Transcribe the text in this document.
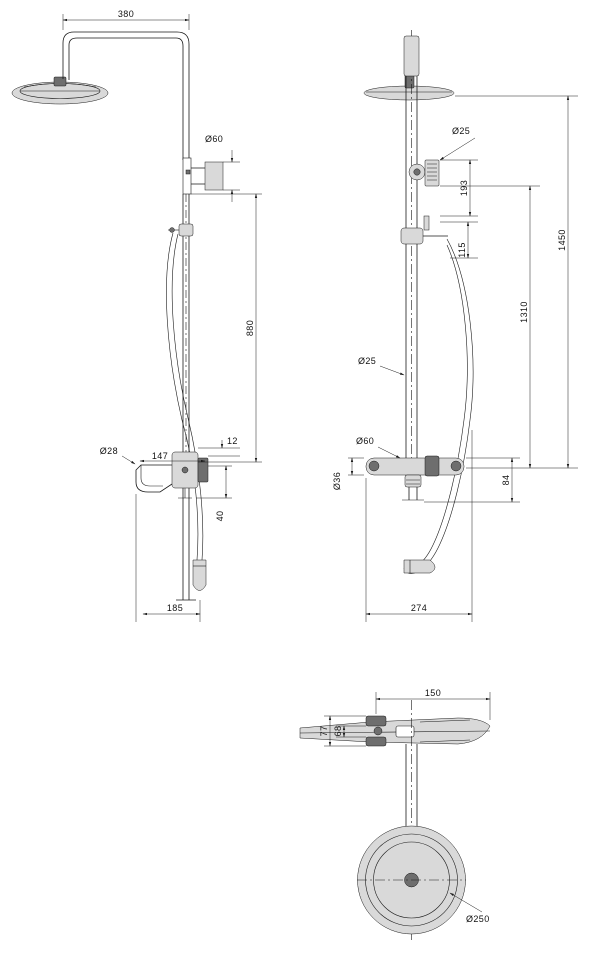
380
Ø60
880
12
Ø28	147
40
185
1450
1310
Ø25
193
115
Ø25
Ø60
Ø36	84
274
150
77 68
Ø250
